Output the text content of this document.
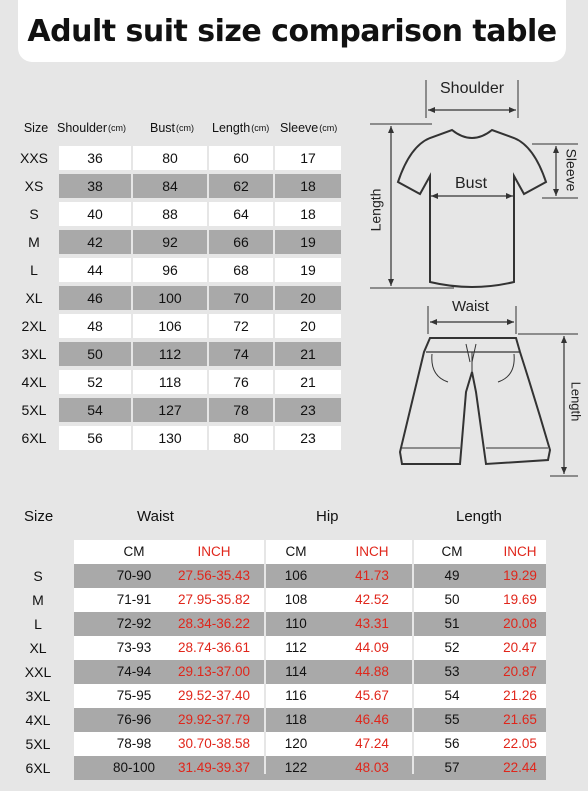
Adult suit size comparison table
Size Shoulder (cm) Bust (cm) Length (cm) Sleeve (cm)
XXS	36	80	60	17
XS	38	84	62	18
S	40	88	64	18
M	42	92	66	19
L	44	96	68	19
XL	46	100	70	20
2XL	48	106	72	20
3XL	50	112	74	21
4XL	52	118	76	21
5XL	54	127	78	23
6XL	56	130	80	23
Shoulder
Bust
Length
Sleeve
Waist
Length
Size	Waist	Hip	Length
CM	INCH	CM	INCH	CM	INCH
S	70-90	27.56-35.43	106	41.73	49	19.29
M	71-91	27.95-35.82	108	42.52	50	19.69
L	72-92	28.34-36.22	110	43.31	51	20.08
XL	73-93	28.74-36.61	112	44.09	52	20.47
XXL	74-94	29.13-37.00	114	44.88	53	20.87
3XL	75-95	29.52-37.40	116	45.67	54	21.26
4XL	76-96	29.92-37.79	118	46.46	55	21.65
5XL	78-98	30.70-38.58	120	47.24	56	22.05
6XL	80-100	31.49-39.37	122	48.03	57	22.44
